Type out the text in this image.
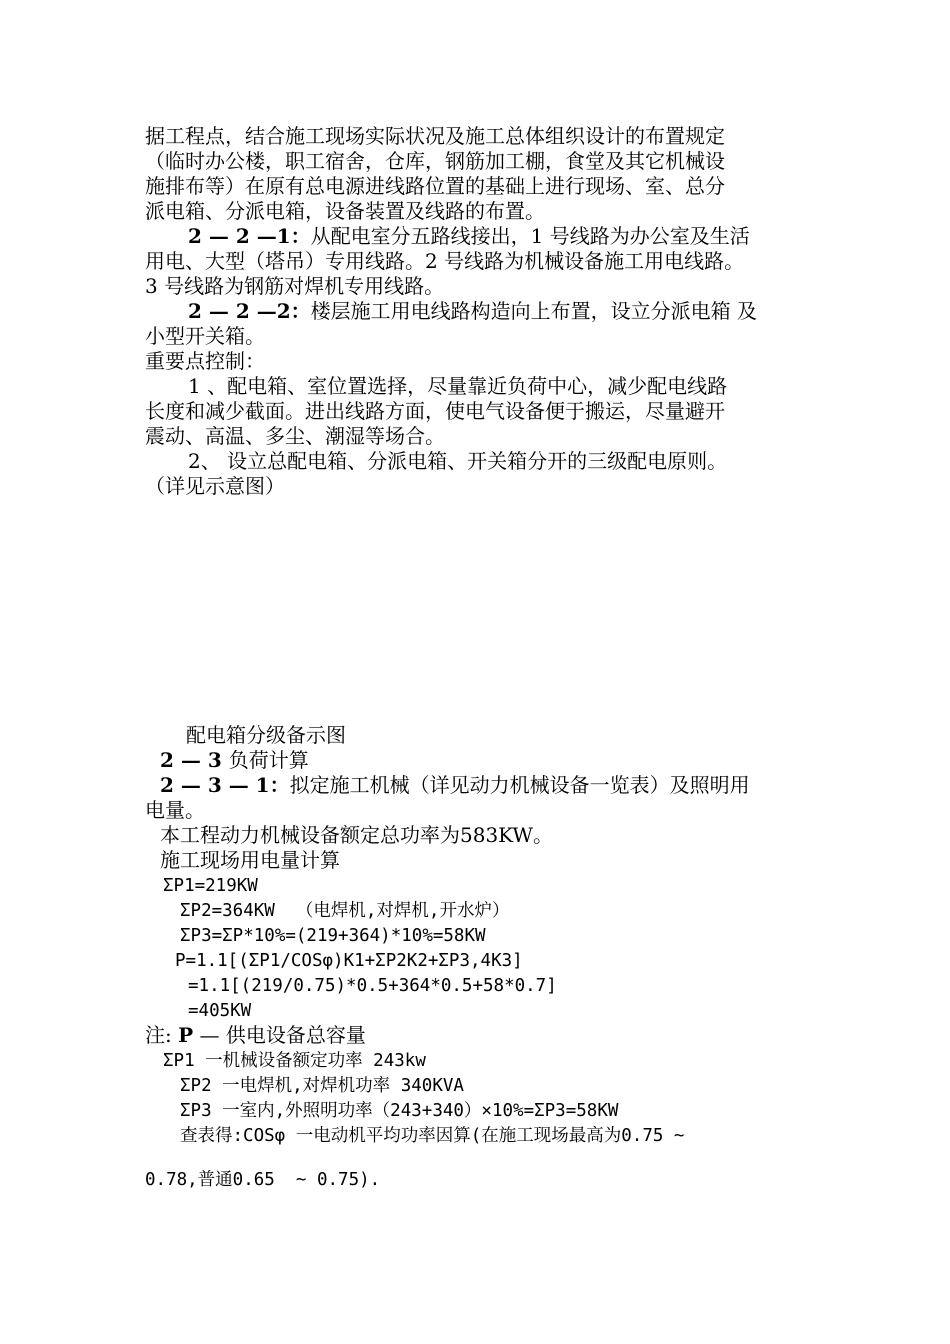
据工程点，结合施工现场实际状况及施工总体组织设计的布置规定
（临时办公楼，职工宿舍，仓库，钢筋加工棚，食堂及其它机械设
施排布等）在原有总电源进线路位置的基础上进行现场、室、总分
派电箱、分派电箱，设备装置及线路的布置。
2 — 2 —1：从配电室分五路线接出，1 号线路为办公室及生活
用电、大型（塔吊）专用线路。2 号线路为机械设备施工用电线路。
3 号线路为钢筋对焊机专用线路。
2 — 2 —2：楼层施工用电线路构造向上布置，设立分派电箱 及
小型开关箱。
重要点控制：
1 、配电箱、室位置选择，尽量靠近负荷中心，减少配电线路
长度和减少截面。进出线路方面，使电气设备便于搬运，尽量避开
震动、高温、多尘、潮湿等场合。
2、 设立总配电箱、分派电箱、开关箱分开的三级配电原则。
（详见示意图）
配电箱分级备示图
2 — 3 负荷计算
2 — 3 — 1：拟定施工机械（详见动力机械设备一览表）及照明用
电量。
本工程动力机械设备额定总功率为583KW。
施工现场用电量计算
ΣP1=219KW
ΣP2=364KW  （电焊机,对焊机,开水炉）
ΣP3=ΣP*10%=(219+364)*10%=58KW
P=1.1[(ΣP1/COSφ)K1+ΣP2K2+ΣP3,4K3]
=1.1[(219/0.75)*0.5+364*0.5+58*0.7]
=405KW
注: P — 供电设备总容量
ΣP1 一机械设备额定功率 243kw
ΣP2 一电焊机,对焊机功率 340KVA
ΣP3 一室内,外照明功率（243+340）×10%=ΣP3=58KW
查表得:COSφ 一电动机平均功率因算(在施工现场最高为0.75 ~
0.78,普通0.65  ~ 0.75).
